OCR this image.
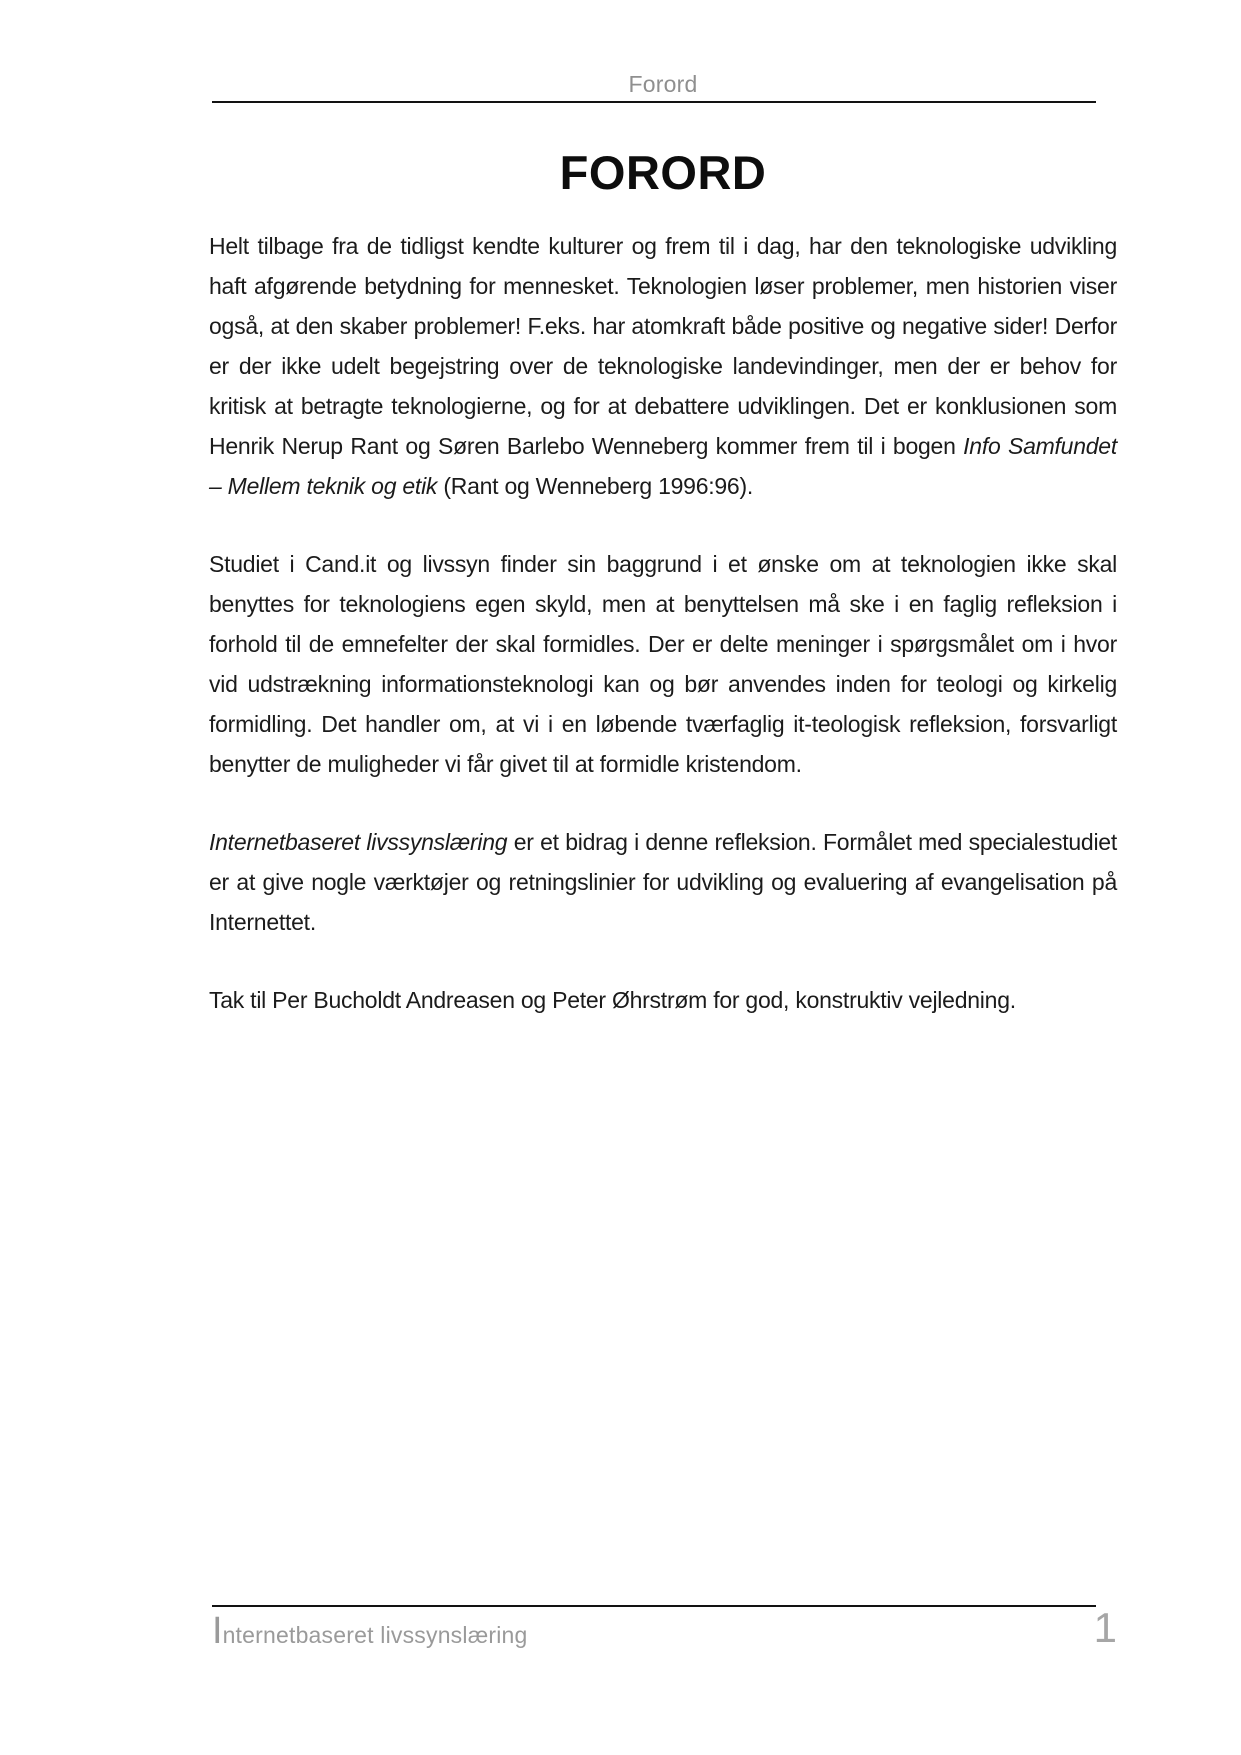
Forord
FORORD

Helt tilbage fra de tidligst kendte kulturer og frem til i dag, har den teknologiske udvikling haft afgørende betydning for mennesket. Teknologien løser problemer, men historien viser også, at den skaber problemer! F.eks. har atomkraft både positive og negative sider! Derfor er der ikke udelt begejstring over de teknologiske landevindinger, men der er behov for kritisk at betragte teknologierne, og for at debattere udviklingen. Det er konklusionen som Henrik Nerup Rant og Søren Barlebo Wenneberg kommer frem til i bogen Info Samfundet – Mellem teknik og etik (Rant og Wenneberg 1996:96).

Studiet i Cand.it og livssyn finder sin baggrund i et ønske om at teknologien ikke skal benyttes for teknologiens egen skyld, men at benyttelsen må ske i en faglig refleksion i forhold til de emnefelter der skal formidles. Der er delte meninger i spørgsmålet om i hvor vid udstrækning informationsteknologi kan og bør anvendes inden for teologi og kirkelig formidling. Det handler om, at vi i en løbende tværfaglig it-teologisk refleksion, forsvarligt benytter de muligheder vi får givet til at formidle kristendom.

Internetbaseret livssynslæring er et bidrag i denne refleksion. Formålet med specialestudiet er at give nogle værktøjer og retningslinier for udvikling og evaluering af evangelisation på Internettet.

Tak til Per Bucholdt Andreasen og Peter Øhrstrøm for god, konstruktiv vejledning.

Internetbaseret livssynslæring	1
